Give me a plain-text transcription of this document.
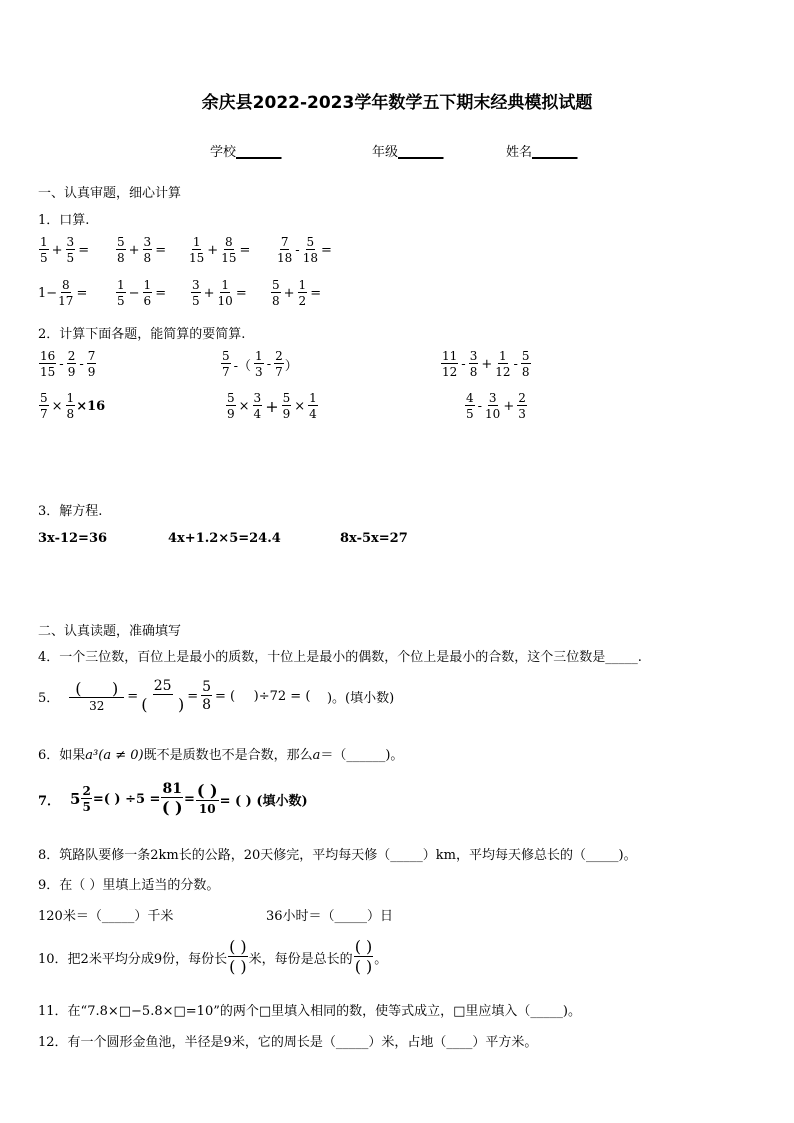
余庆县2022-2023学年数学五下期末经典模拟试题
学校_______	年级_______	姓名_______
一、认真审题，细心计算
1．口算.
$\frac{1}{5} + \frac{3}{5} = \frac{5}{8} + \frac{3}{8} = \frac{1}{15} + \frac{8}{15} = \frac{7}{18} - \frac{5}{18}$ =
$1- \frac{8}{17} = \frac{1}{5} - \frac{1}{6} = \frac{3}{5} + \frac{1}{10} = \frac{5}{8} + \frac{1}{2}$ =
2．计算下面各题，能简算的要简算.
$\frac{16}{15} - \frac{2}{9} - \frac{7}{9}$	$\frac{5}{7}$ -（ $\frac{1}{3} - \frac{2}{7}$ ）	$\frac{11}{12} - \frac{3}{8} + \frac{1}{12} - \frac{5}{8}$
$\frac{5}{7} \times \frac{1}{8} \times 16$	$\frac{5}{9} \times \frac{3}{4} + \frac{5}{9} \times \frac{1}{4}$	$\frac{4}{5} - \frac{3}{10} + \frac{2}{3}$
3．解方程.
3x-12=36	4x+1.2×5=24.4	8x-5x=27
二、认真读题，准确填写
4．一个三位数，百位上是最小的质数，十位上是最小的偶数，个位上是最小的合数，这个三位数是_____.
5． $\frac{( )}{32} = \frac{25}{( )} = \frac{5}{8}$ = ( )÷72 = (
)。(填小数)
6．如果a³(a ≠ 0)既不是质数也不是合数，那么a＝（______)。
7． $5 \frac{2}{5}$ =( ) $\div 5 = \frac{81}{( )} = \frac{( )}{10}$ = ( ) (填小数)
8．筑路队要修一条2km长的公路，20天修完，平均每天修（_____）km，平均每天修总长的（_____)。
9．在（ ）里填上适当的分数。
120米＝（_____）千米	36小时＝（_____）日
10．把2米平均分成9份，每份长 $\frac{( )}{( )}$ 米，每份是总长的 $\frac{( )}{( )}$ 。
11．在“7.8×□−5.8×□=10”的两个□里填入相同的数，使等式成立，□里应填入（_____)。
12．有一个圆形金鱼池，半径是9米，它的周长是（_____）米，占地（____）平方米。
